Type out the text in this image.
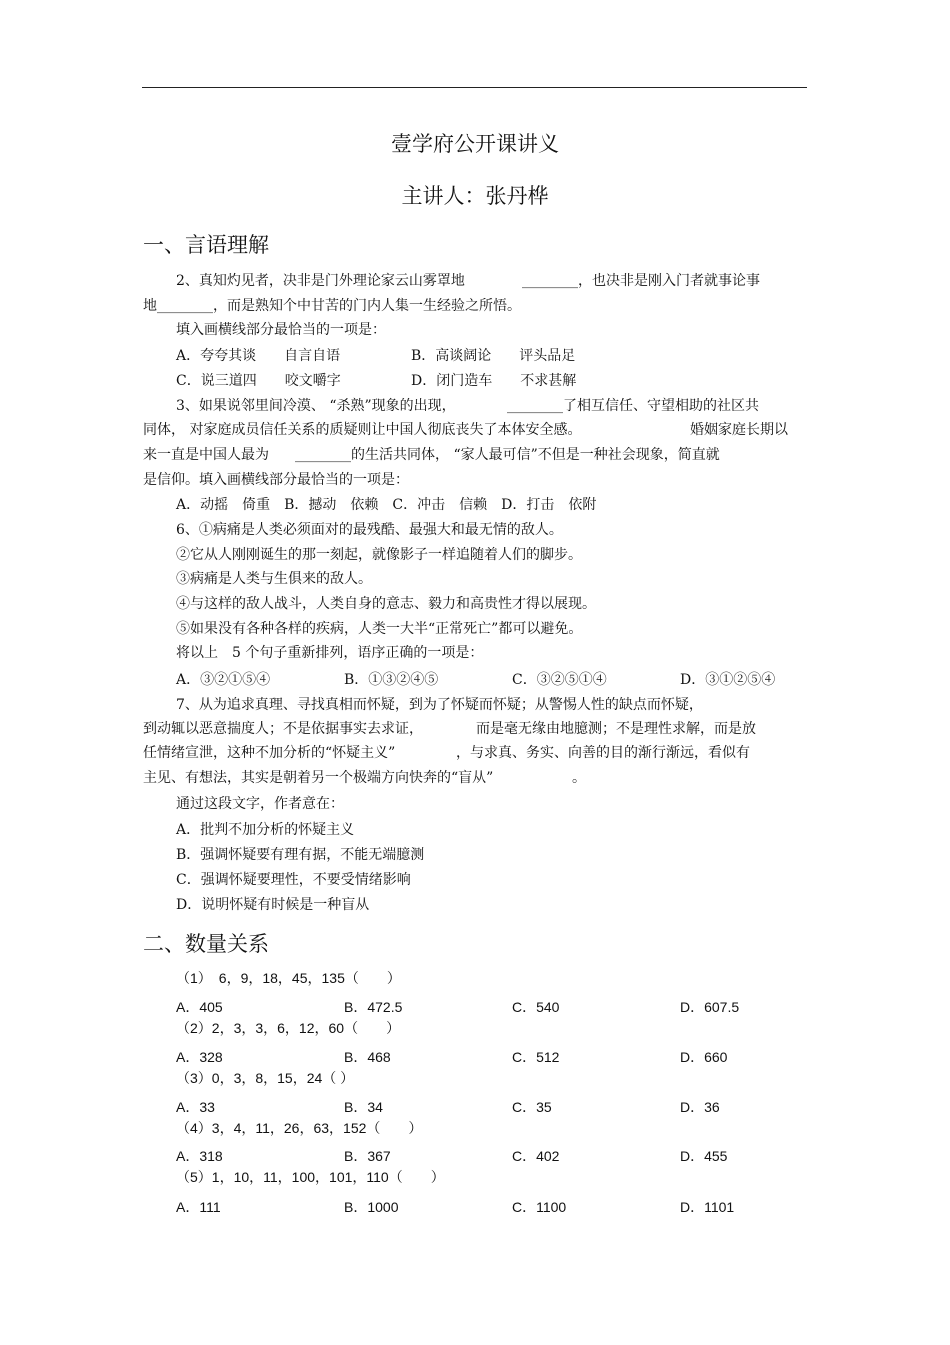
壹学府公开课讲义
主讲人：张丹桦
一、言语理解
2、真知灼见者，决非是门外理论家云山雾罩地	________，也决非是刚入门者就事论事
地________，而是熟知个中甘苦的门内人集一生经验之所悟。
填入画横线部分最恰当的一项是：
A．夸夸其谈　　自言自语	B．高谈阔论　　评头品足
C．说三道四　　咬文嚼字	D．闭门造车　　不求甚解
3、如果说邻里间冷漠、 “杀熟”现象的出现，	________了相互信任、守望相助的社区共
同体， 对家庭成员信任关系的质疑则让中国人彻底丧失了本体安全感。	婚姻家庭长期以
来一直是中国人最为 ________的生活共同体， “家人最可信”不但是一种社会现象，简直就
是信仰。填入画横线部分最恰当的一项是：
A．动摇　倚重　B．撼动　依赖　C．冲击　信赖　D．打击　依附
6、①病痛是人类必须面对的最残酷、最强大和最无情的敌人。
②它从人刚刚诞生的那一刻起，就像影子一样追随着人们的脚步。
③病痛是人类与生俱来的敌人。
④与这样的敌人战斗，人类自身的意志、毅力和高贵性才得以展现。
⑤如果没有各种各样的疾病，人类一大半“正常死亡”都可以避免。
将以上　5 个句子重新排列，语序正确的一项是：
A．③②①⑤④	B．①③②④⑤	C．③②⑤①④	D．③①②⑤④
7、从为追求真理、寻找真相而怀疑，到为了怀疑而怀疑；从警惕人性的缺点而怀疑，
到动辄以恶意揣度人；不是依据事实去求证，	而是毫无缘由地臆测；不是理性求解，而是放
任情绪宣泄，这种不加分析的“怀疑主义”	，与求真、务实、向善的目的渐行渐远，看似有
主见、有想法，其实是朝着另一个极端方向快奔的“盲从”	。
通过这段文字，作者意在：
A．批判不加分析的怀疑主义
B．强调怀疑要有理有据，不能无端臆测
C．强调怀疑要理性，不要受情绪影响
D．说明怀疑有时候是一种盲从
二、数量关系
（1）　6，9，18，45，135（　　）
A．405	B．472.5	C．540	D．607.5
（2）2，3，3，6，12，60（　　）
A．328	B．468	C．512	D．660
（3）0，3，8，15，24（ ）
A．33	B．34	C．35	D．36
（4）3，4，11，26，63，152（　　）
A．318	B．367	C．402	D．455
（5）1，10，11，100，101，110（　　）
A．111	B．1000	C．1100	D．1101
